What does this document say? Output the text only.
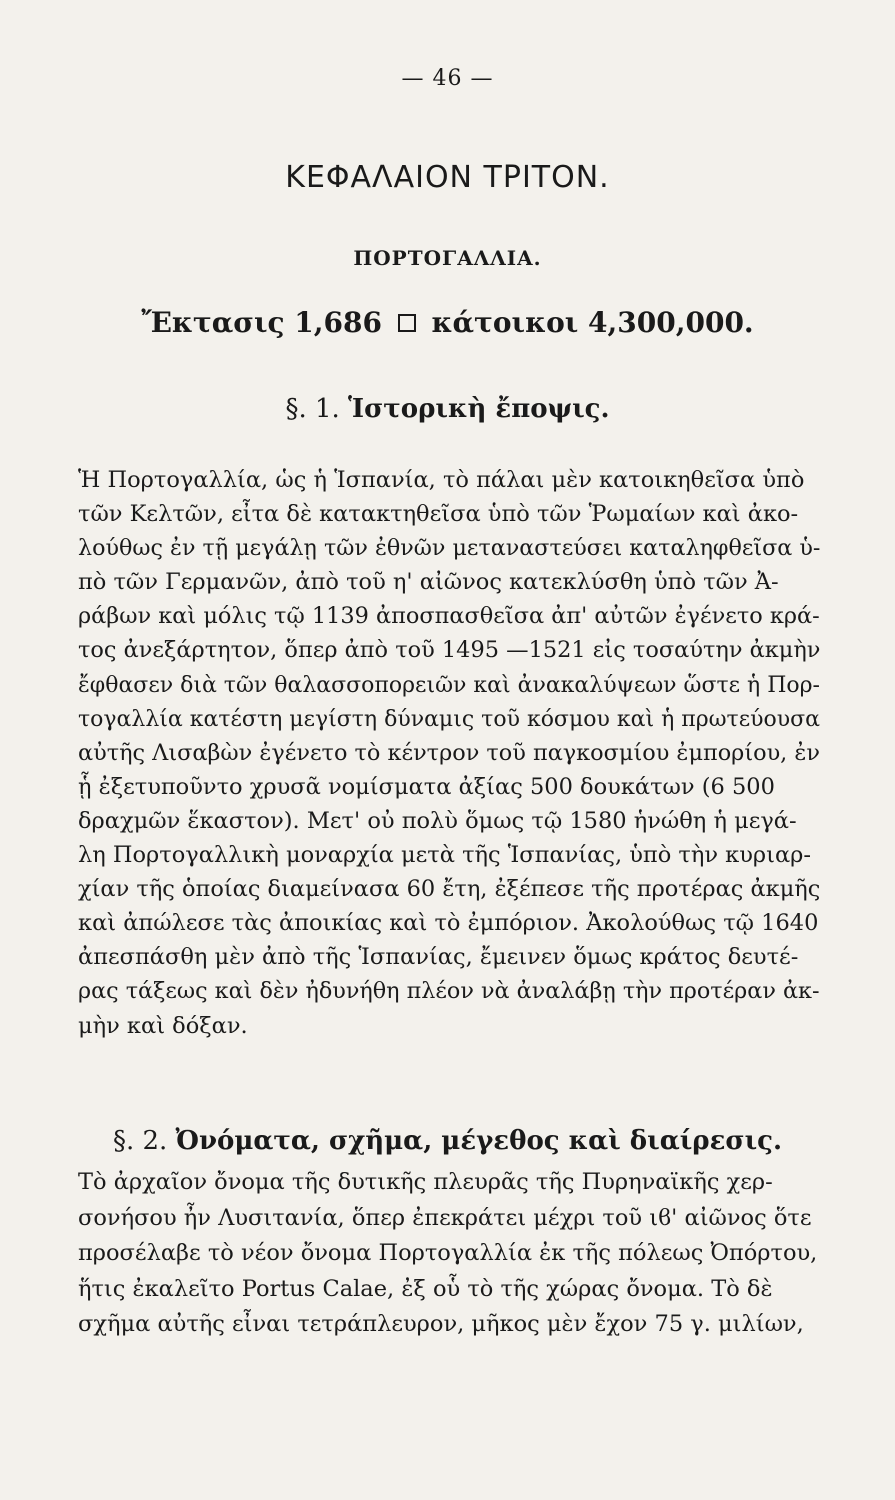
— 46 —
ΚΕΦΑΛΑΙΟΝ ΤΡΙΤΟΝ.
ΠΟΡΤΟΓΑΛΛΙΑ.
Ἔκτασις 1,686 κάτοικοι 4,300,000.
§. 1. Ἱστορικὴ ἔποψις.
Ἡ Πορτογαλλία, ὡς ἡ Ἱσπανία, τὸ πάλαι μὲν κατοικηθεῖσα ὑπὸ
τῶν Κελτῶν, εἶτα δὲ κατακτηθεῖσα ὑπὸ τῶν Ῥωμαίων καὶ ἀκο-
λούθως ἐν τῇ μεγάλῃ τῶν ἐθνῶν μεταναστεύσει καταληφθεῖσα ὑ-
πὸ τῶν Γερμανῶν, ἀπὸ τοῦ η' αἰῶνος κατεκλύσθη ὑπὸ τῶν Ἀ-
ράβων καὶ μόλις τῷ 1139 ἀποσπασθεῖσα ἀπ' αὐτῶν ἐγένετο κρά-
τος ἀνεξάρτητον, ὅπερ ἀπὸ τοῦ 1495 —1521 εἰς τοσαύτην ἀκμὴν
ἔφθασεν διὰ τῶν θαλασσοπορειῶν καὶ ἀνακαλύψεων ὥστε ἡ Πορ-
τογαλλία κατέστη μεγίστη δύναμις τοῦ κόσμου καὶ ἡ πρωτεύουσα
αὐτῆς Λισαβὼν ἐγένετο τὸ κέντρον τοῦ παγκοσμίου ἐμπορίου, ἐν
ᾗ ἐξετυποῦντο χρυσᾶ νομίσματα ἀξίας 500 δουκάτων (6 500
δραχμῶν ἕκαστον). Μετ' οὐ πολὺ ὅμως τῷ 1580 ἡνώθη ἡ μεγά-
λη Πορτογαλλικὴ μοναρχία μετὰ τῆς Ἱσπανίας, ὑπὸ τὴν κυριαρ-
χίαν τῆς ὁποίας διαμείνασα 60 ἔτη, ἐξέπεσε τῆς προτέρας ἀκμῆς
καὶ ἀπώλεσε τὰς ἀποικίας καὶ τὸ ἐμπόριον. Ἀκολούθως τῷ 1640
ἀπεσπάσθη μὲν ἀπὸ τῆς Ἱσπανίας, ἔμεινεν ὅμως κράτος δευτέ-
ρας τάξεως καὶ δὲν ἠδυνήθη πλέον νὰ ἀναλάβῃ τὴν προτέραν ἀκ-
μὴν καὶ δόξαν.
§. 2. Ὀνόματα, σχῆμα, μέγεθος καὶ διαίρεσις.
Τὸ ἀρχαῖον ὄνομα τῆς δυτικῆς πλευρᾶς τῆς Πυρηναϊκῆς χερ-
σονήσου ἦν Λυσιτανία, ὅπερ ἐπεκράτει μέχρι τοῦ ιϐ' αἰῶνος ὅτε
προσέλαβε τὸ νέον ὄνομα Πορτογαλλία ἐκ τῆς πόλεως Ὀπόρτου,
ἥτις ἐκαλεῖτο Portus Calae, ἐξ οὗ τὸ τῆς χώρας ὄνομα. Τὸ δὲ
σχῆμα αὐτῆς εἶναι τετράπλευρον, μῆκος μὲν ἔχον 75 γ. μιλίων,
